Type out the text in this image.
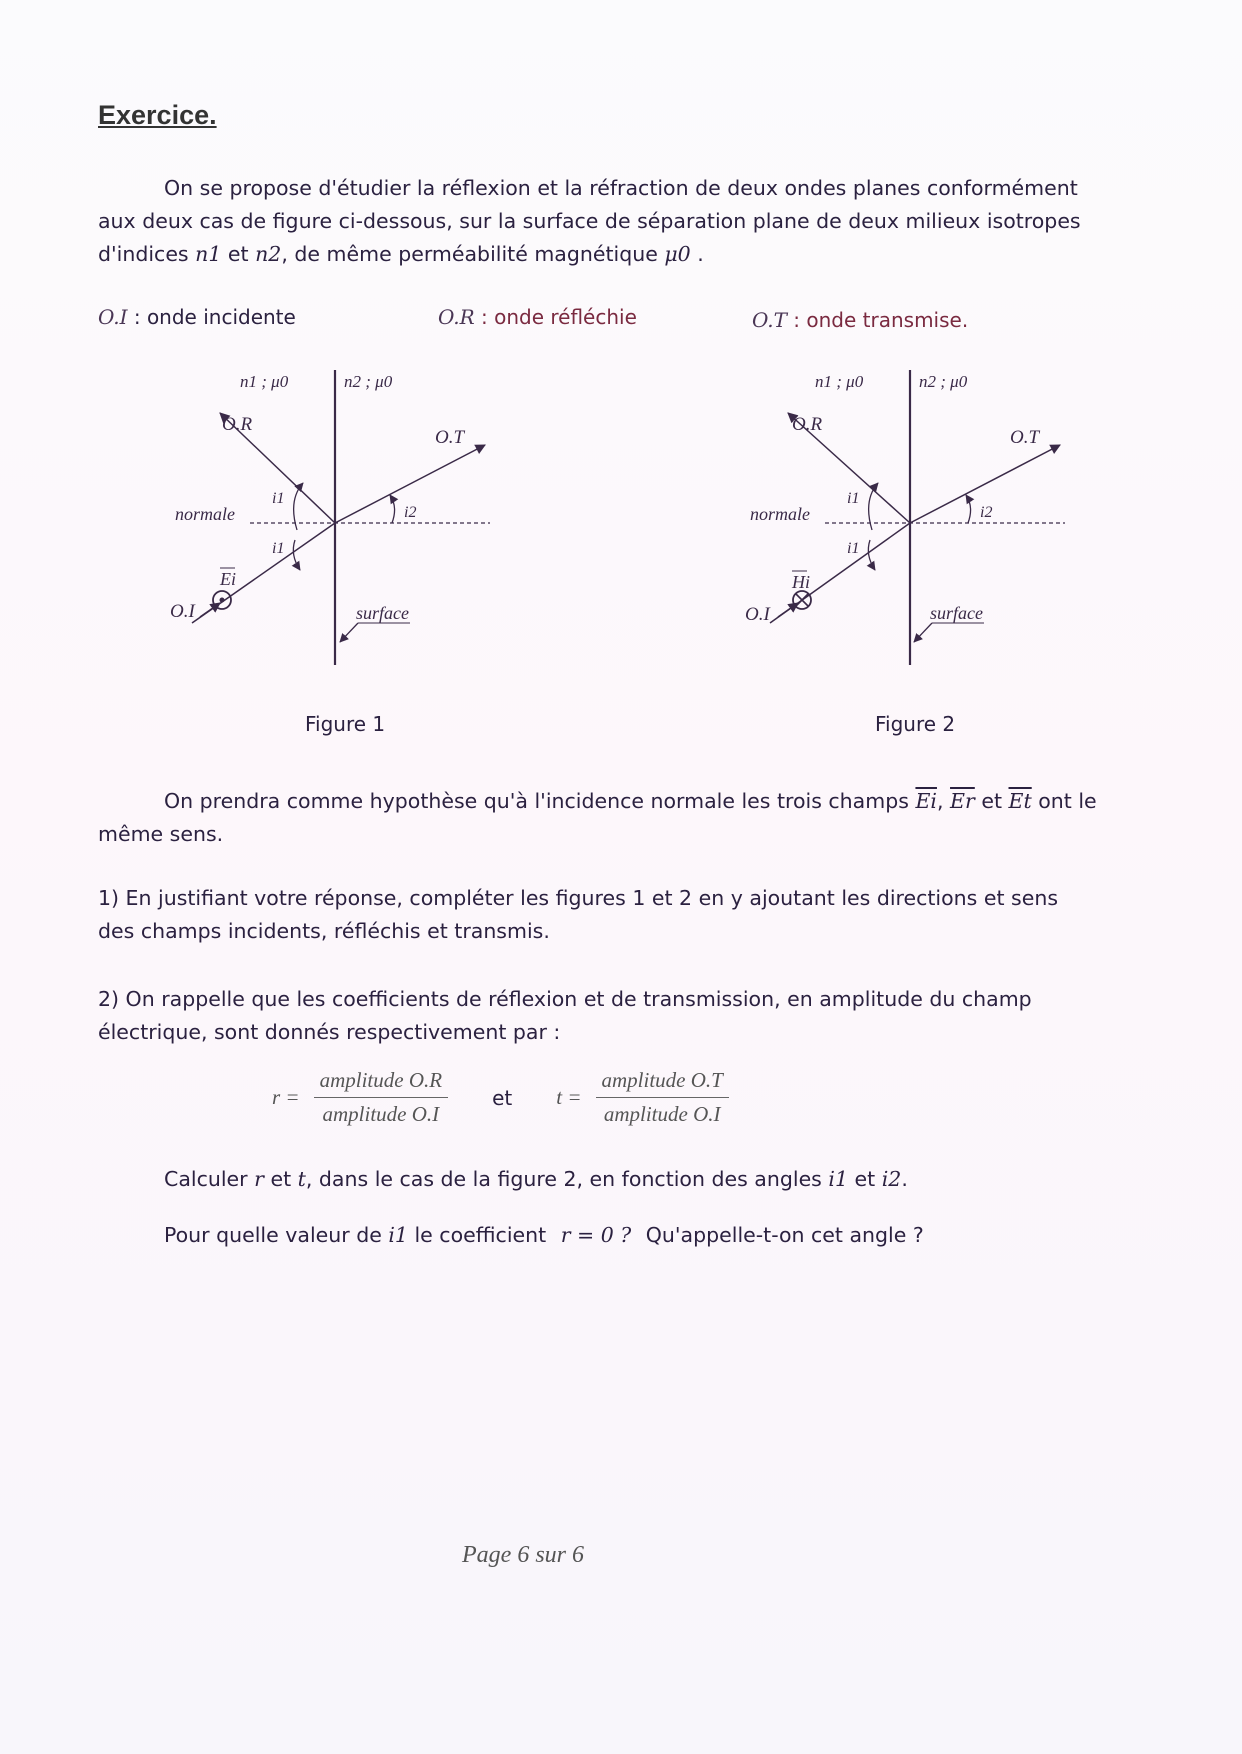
Exercice.
On se propose d'étudier la réflexion et la réfraction de deux ondes planes conformément
aux deux cas de figure ci-dessous, sur la surface de séparation plane de deux milieux isotropes
d'indices n1 et n2, de même perméabilité magnétique μ0 .
O.I : onde incidente	O.R : onde réfléchie	O.T : onde transmise.
n1 ; μ0	n2 ; μ0
O.R
O.T
normale
i1
i1
i2
Ei
O.I	surface
Figure 1
n1 ; μ0	n2 ; μ0
O.R
O.T
normale
i1
i1
i2
Hi
O.I	surface
Figure 2
On prendra comme hypothèse qu'à l'incidence normale les trois champs $\overline{Ei}$, $\overline{Er}$ et $\overline{Et}$ ont le
même sens.
1) En justifiant votre réponse, compléter les figures 1 et 2 en y ajoutant les directions et sens
des champs incidents, réfléchis et transmis.
2) On rappelle que les coefficients de réflexion et de transmission, en amplitude du champ
électrique, sont donnés respectivement par :
$r = \frac{\text{amplitude O.R}}{\text{amplitude O.I}}$ et $t = \frac{\text{amplitude O.T}}{\text{amplitude O.I}}$
Calculer r et t, dans le cas de la figure 2, en fonction des angles i1 et i2.
Pour quelle valeur de i1 le coefficient r = 0 ? Qu'appelle-t-on cet angle ?
Page 6 sur 6
